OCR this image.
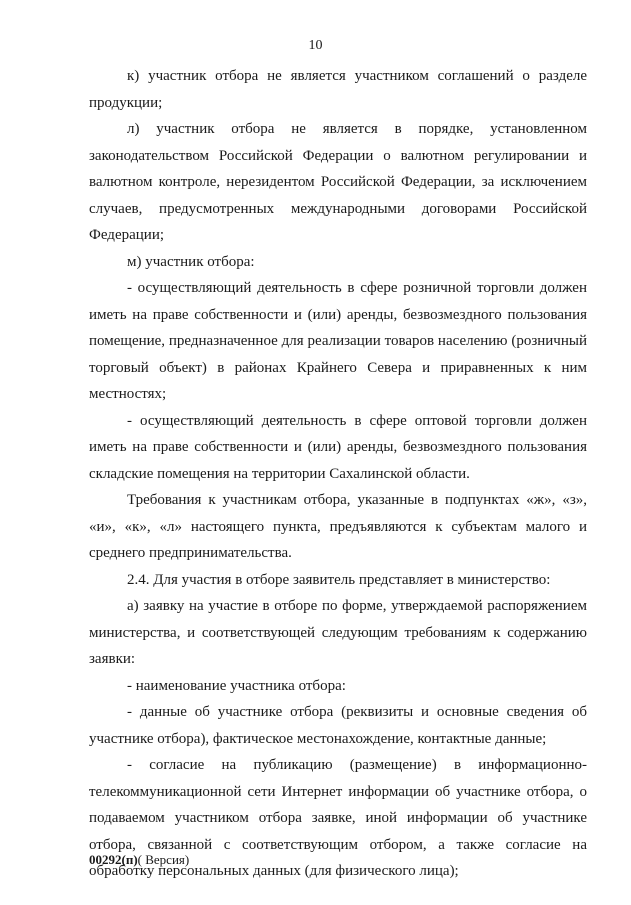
10

к) участник отбора не является участником соглашений о разделе продукции;

л) участник отбора не является в порядке, установленном законодательством Российской Федерации о валютном регулировании и валютном контроле, нерезидентом Российской Федерации, за исключением случаев, предусмотренных международными договорами Российской Федерации;

м) участник отбора:

- осуществляющий деятельность в сфере розничной торговли должен иметь на праве собственности и (или) аренды, безвозмездного пользования помещение, предназначенное для реализации товаров населению (розничный торговый объект) в районах Крайнего Севера и приравненных к ним местностях;

- осуществляющий деятельность в сфере оптовой торговли должен иметь на праве собственности и (или) аренды, безвозмездного пользования складские помещения на территории Сахалинской области.

Требования к участникам отбора, указанные в подпунктах «ж», «з», «и», «к», «л» настоящего пункта, предъявляются к субъектам малого и среднего предпринимательства.

2.4. Для участия в отборе заявитель представляет в министерство:

а) заявку на участие в отборе по форме, утверждаемой распоряжением министерства, и соответствующей следующим требованиям к содержанию заявки:

- наименование участника отбора:

- данные об участнике отбора (реквизиты и основные сведения об участнике отбора), фактическое местонахождение, контактные данные;

- согласие на публикацию (размещение) в информационно-телекоммуникационной сети Интернет информации об участнике отбора, о подаваемом участником отбора заявке, иной информации об участнике отбора, связанной с соответствующим отбором, а также согласие на обработку персональных данных (для физического лица);

00292(п)( Версия)
